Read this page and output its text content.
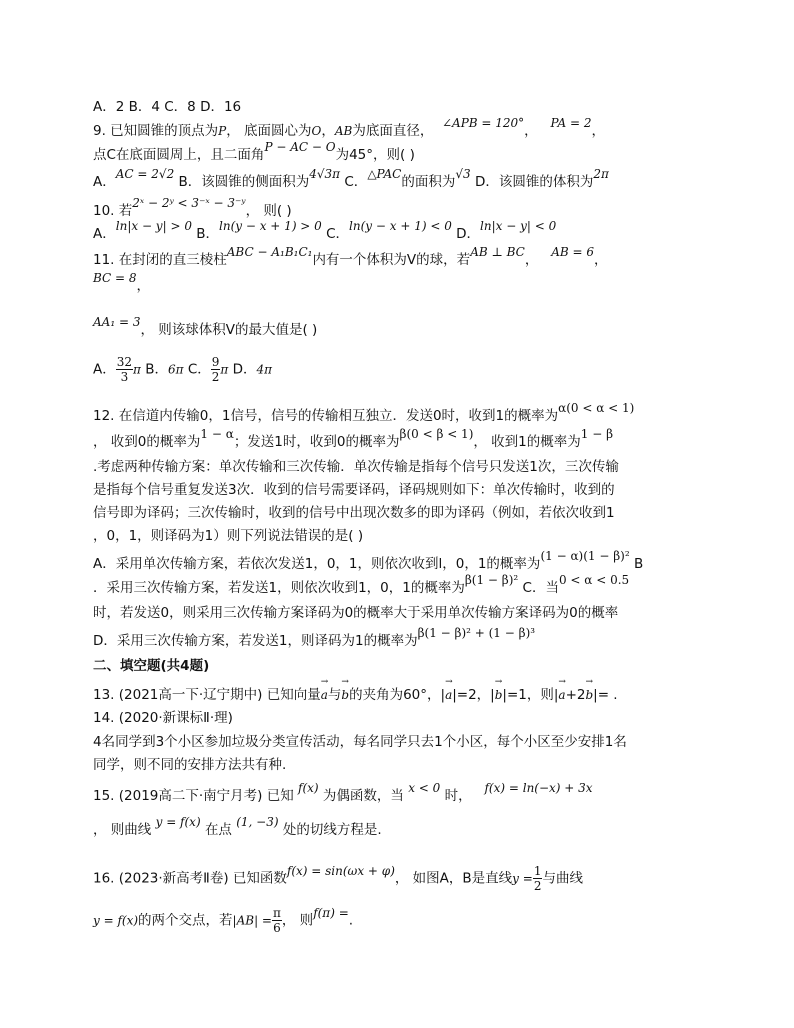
A．2 B．4 C．8 D．16
9. 已知圆锥的顶点为P， 底面圆心为O，AB为底面直径， ∠APB = 120°， PA = 2，
点C在底面圆周上，且二面角P − AC − O为45°，则( )
A．AC = 2√2 B．该圆锥的侧面积为4√3π C．△PAC的面积为√3 D．该圆锥的体积为2π
10. 若2ˣ − 2ʸ < 3⁻ˣ − 3⁻ʸ， 则( )
A．ln|x − y| > 0 B．ln(y − x + 1) > 0 C．ln(y − x + 1) < 0 D．ln|x − y| < 0
11. 在封闭的直三棱柱ABC − A₁B₁C₁内有一个体积为V的球，若AB ⊥ BC， AB = 6，
BC = 8，
AA₁ = 3， 则该球体积V的最大值是( )
A． $\frac{32}{3}$ π B．6π C． $\frac{9}{2}$ π D．4π
12. 在信道内传输0，1信号，信号的传输相互独立．发送0时，收到1的概率为α(0 < α < 1)
， 收到0的概率为1 − α；发送1时，收到0的概率为β(0 < β < 1)， 收到1的概率为1 − β
.考虑两种传输方案：单次传输和三次传输．单次传输是指每个信号只发送1次，三次传输
是指每个信号重复发送3次．收到的信号需要译码，译码规则如下：单次传输时，收到的
信号即为译码；三次传输时，收到的信号中出现次数多的即为译码（例如，若依次收到1
，0，1，则译码为1）则下列说法错误的是( )
A．采用单次传输方案，若依次发送1，0，1，则依次收到l，0，1的概率为(1 − α)(1 − β)² B
．采用三次传输方案，若发送1，则依次收到1，0，1的概率为β(1 − β)² C．当0 < α < 0.5
时，若发送0，则采用三次传输方案译码为0的概率大于采用单次传输方案译码为0的概率
D．采用三次传输方案，若发送1，则译码为1的概率为β(1 − β)² + (1 − β)³
二、填空题(共4题)
13. (2021高一下·辽宁期中) 已知向量→ a与→ b的夹角为60°，|→ a|=2，|→ b|=1，则|→ a+2→ b|= .
14. (2020·新课标Ⅱ·理)
4名同学到3个小区参加垃圾分类宣传活动，每名同学只去1个小区，每个小区至少安排1名
同学，则不同的安排方法共有种.
15. (2019高二下·南宁月考) 已知 f(x) 为偶函数，当 x < 0 时， f(x) = ln(−x) + 3x
， 则曲线 y = f(x) 在点 (1, −3) 处的切线方程是.
16. (2023·新高考Ⅱ卷) 已知函数f(x) = sin(ωx + φ)， 如图A，B是直线$y = \frac{1}{2}$ 与曲线
y = f(x)的两个交点，若$|AB| = \frac{\pi}{6}$ ， 则f(π) =.
